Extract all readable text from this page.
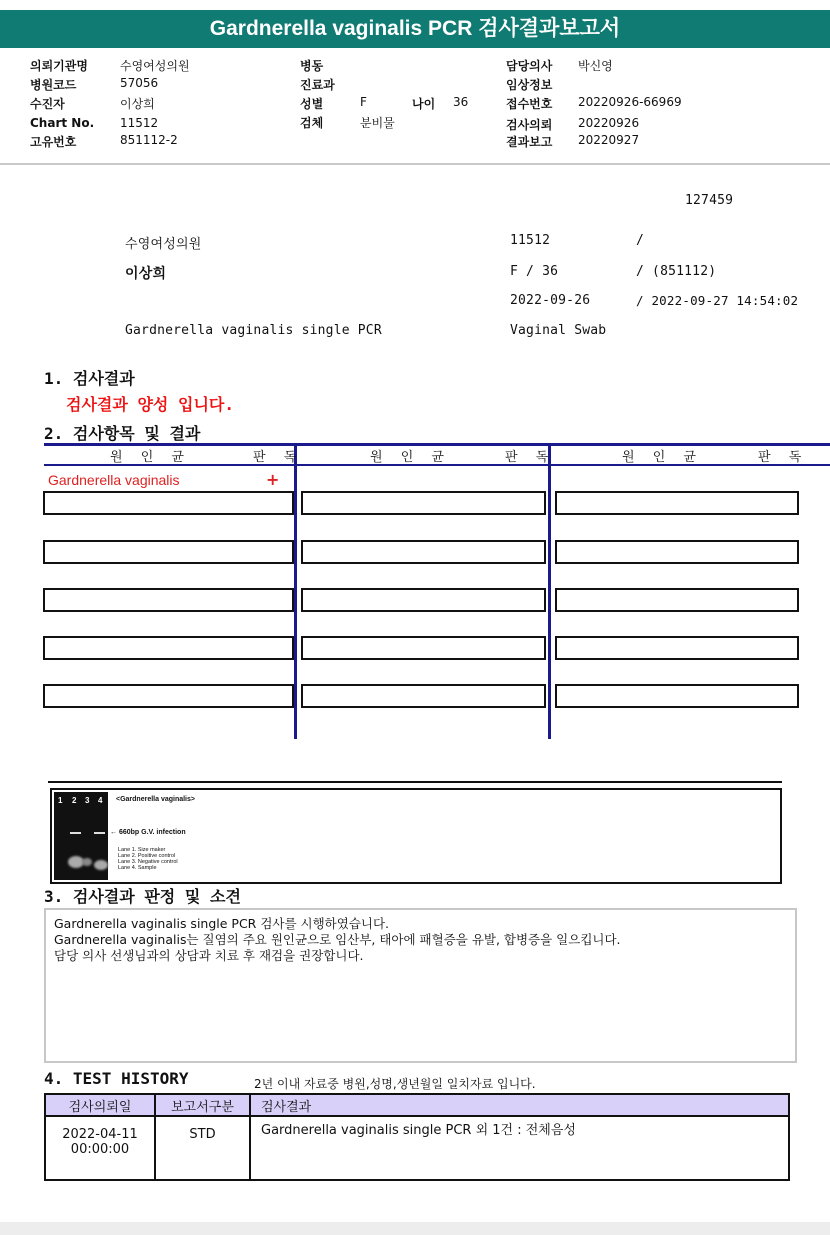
Gardnerella vaginalis PCR 검사결과보고서
의뢰기관명	수영여성의원
병원코드	57056
수진자	이상희
Chart No. 11512
고유번호	851112-2
병동
진료과
성별	F	나이 36
검체	분비물
담당의사 박신영
임상정보
접수번호 20220926-66969
검사의뢰 20220926
결과보고 20220927
127459
수영여성의원	11512	/
이상희	F / 36	/ (851112)
2022-09-26	/ 2022-09-27 14:54:02
Gardnerella vaginalis single PCR	Vaginal Swab
1. 검사결과
검사결과 양성 입니다.
2. 검사항목 및 결과
원 인 균	판 독	원 인 균	판 독	원 인 균	판 독
Gardnerella vaginalis	+
1 2 3 4 <Gardnerella vaginalis>
← 660bp G.V. infection
Lane 1. Size maker
Lane 2. Positive control
Lane 3. Negative control
Lane 4. Sample
3. 검사결과 판정 및 소견
Gardnerella vaginalis single PCR 검사를 시행하였습니다.
Gardnerella vaginalis는 질염의 주요 원인균으로 임산부, 태아에 패혈증을 유발, 합병증을 일으킵니다.
담당 의사 선생님과의 상담과 치료 후 재검을 권장합니다.
4. TEST HISTORY	2년 이내 자료중 병원,성명,생년월일 일치자료 입니다.
검사의뢰일	보고서구분	검사결과

2022-04-11
00:00:00	STD	Gardnerella vaginalis single PCR 외 1건 : 전체음성
